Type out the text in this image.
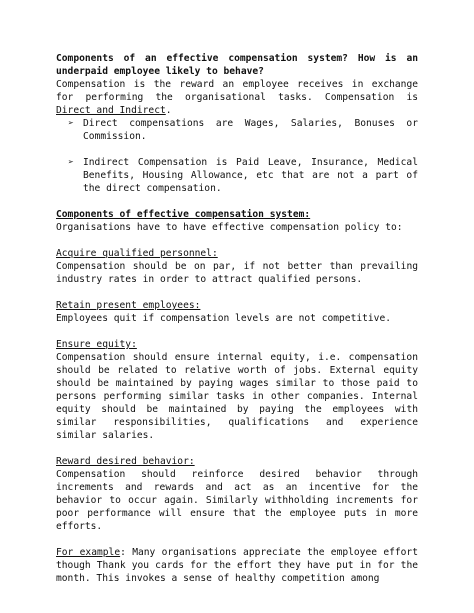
Components of an effective compensation system? How is an underpaid employee likely to behave?

Compensation is the reward an employee receives in exchange for performing the organisational tasks. Compensation is Direct and Indirect.

➢ Direct compensations are Wages, Salaries, Bonuses or Commission.
➢ Indirect Compensation is Paid Leave, Insurance, Medical Benefits, Housing Allowance, etc that are not a part of the direct compensation.

Components of effective compensation system:

Organisations have to have effective compensation policy to:

Acquire qualified personnel:

Compensation should be on par, if not better than prevailing industry rates in order to attract qualified persons.

Retain present employees:

Employees quit if compensation levels are not competitive.

Ensure equity:

Compensation should ensure internal equity, i.e. compensation should be related to relative worth of jobs. External equity should be maintained by paying wages similar to those paid to persons performing similar tasks in other companies. Internal equity should be maintained by paying the employees with similar responsibilities, qualifications and experience similar salaries.

Reward desired behavior:

Compensation should reinforce desired behavior through increments and rewards and act as an incentive for the behavior to occur again. Similarly withholding increments for poor performance will ensure that the employee puts in more efforts.

For example: Many organisations appreciate the employee effort though Thank you cards for the effort they have put in for the month. This invokes a sense of healthy competition among
